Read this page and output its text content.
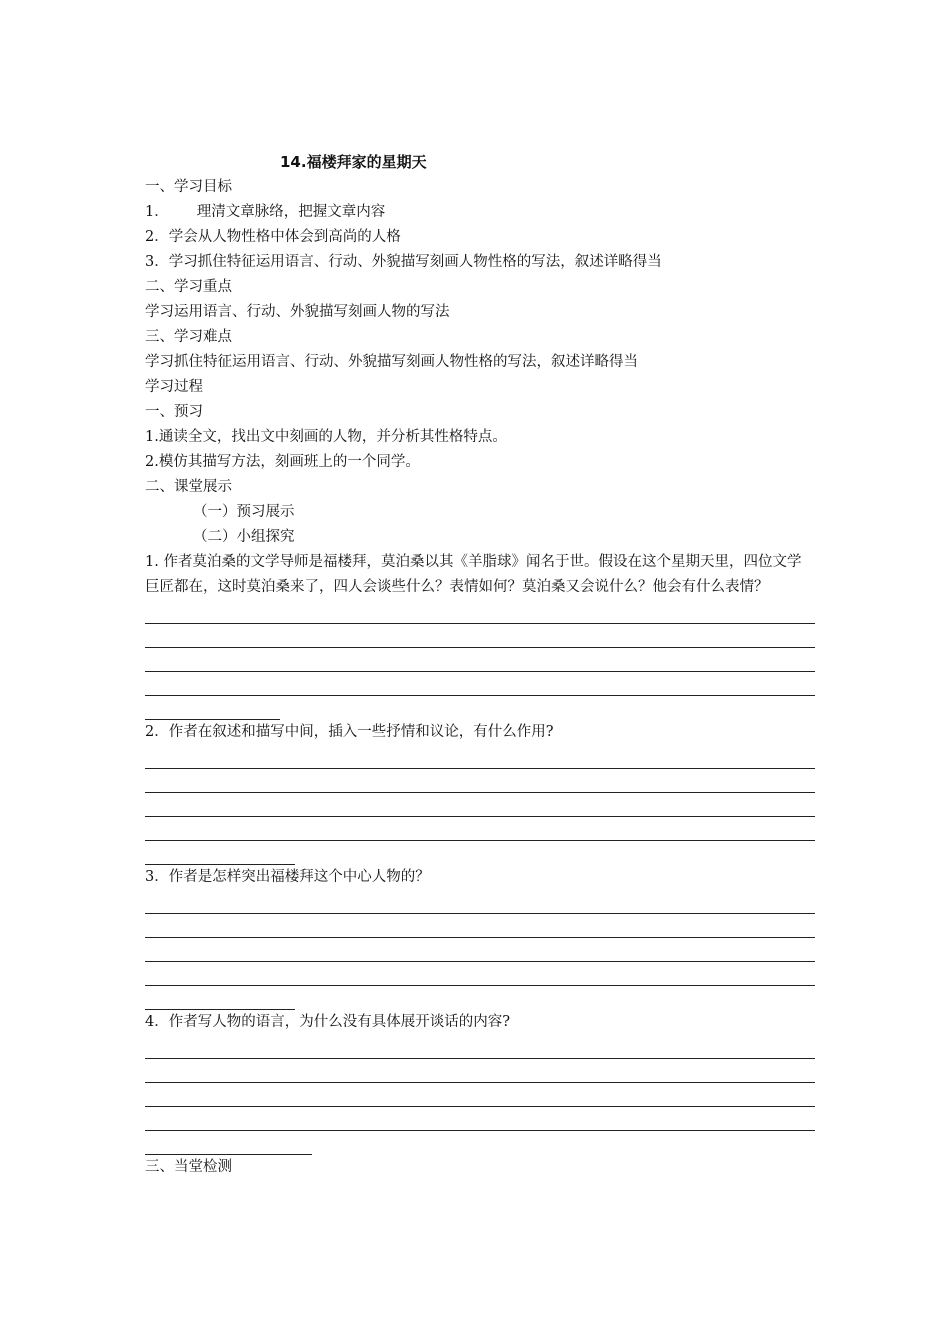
14.福楼拜家的星期天
一、学习目标
1． 理清文章脉络，把握文章内容
2．学会从人物性格中体会到高尚的人格
3．学习抓住特征运用语言、行动、外貌描写刻画人物性格的写法，叙述详略得当
二、学习重点
学习运用语言、行动、外貌描写刻画人物的写法
三、学习难点
学习抓住特征运用语言、行动、外貌描写刻画人物性格的写法，叙述详略得当
学习过程
一、预习
1.通读全文，找出文中刻画的人物，并分析其性格特点。
2.模仿其描写方法，刻画班上的一个同学。
二、课堂展示
（一）预习展示
（二）小组探究
1. 作者莫泊桑的文学导师是福楼拜，莫泊桑以其《羊脂球》闻名于世。假设在这个星期天里，四位文学巨匠都在，这时莫泊桑来了，四人会谈些什么？表情如何？莫泊桑又会说什么？他会有什么表情？
2．作者在叙述和描写中间，插入一些抒情和议论，有什么作用?
3．作者是怎样突出福楼拜这个中心人物的？
4．作者写人物的语言，为什么没有具体展开谈话的内容?
三、当堂检测
